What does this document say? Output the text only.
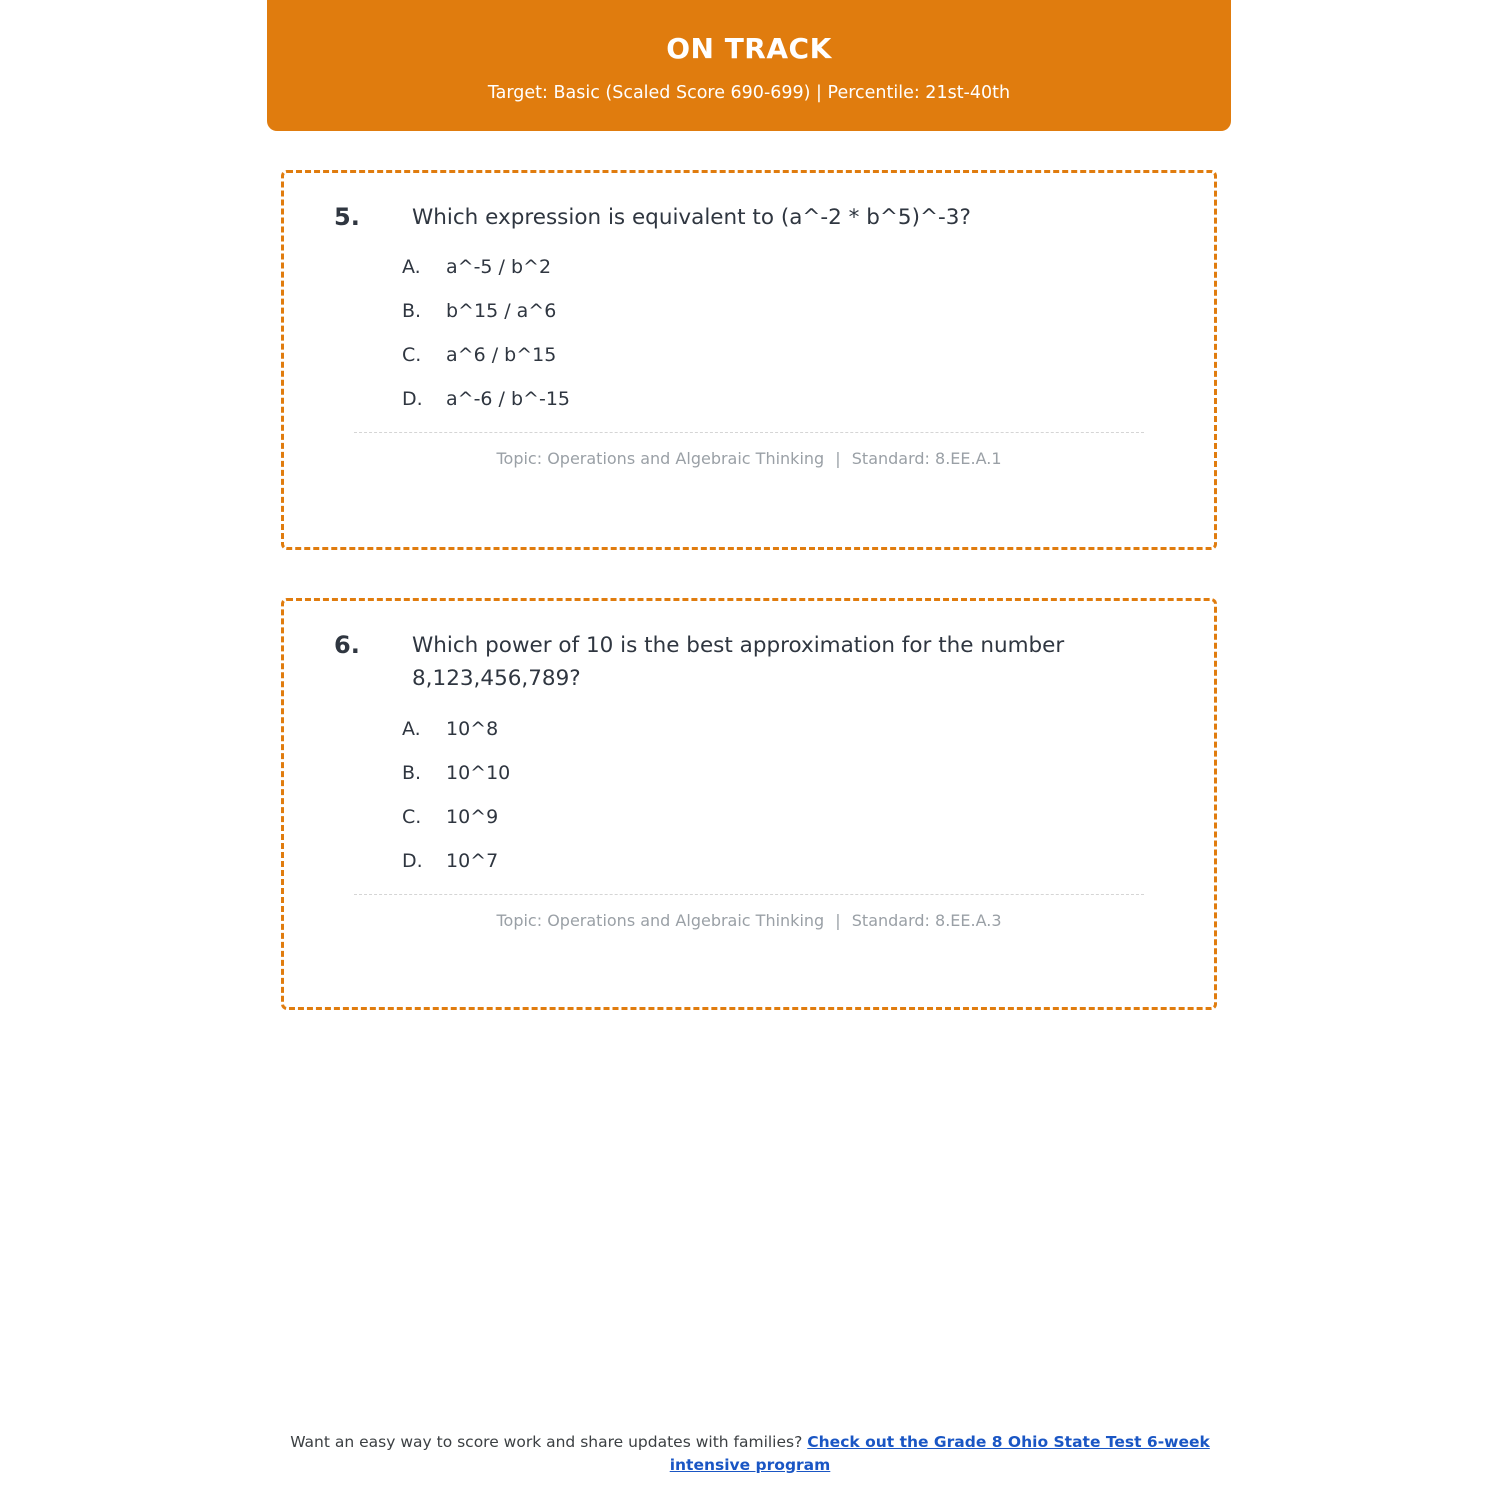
ON TRACK
Target: Basic (Scaled Score 690-699) | Percentile: 21st-40th
5.	Which expression is equivalent to (a^-2 * b^5)^-3?
A.	a^-5 / b^2
B.	b^15 / a^6
C.	a^6 / b^15
D.	a^-6 / b^-15
Topic: Operations and Algebraic Thinking | Standard: 8.EE.A.1
6.	Which power of 10 is the best approximation for the number 8,123,456,789?
A.	10^8
B.	10^10
C.	10^9
D.	10^7
Topic: Operations and Algebraic Thinking | Standard: 8.EE.A.3
Want an easy way to score work and share updates with families? Check out the Grade 8 Ohio State Test 6-week
intensive program
